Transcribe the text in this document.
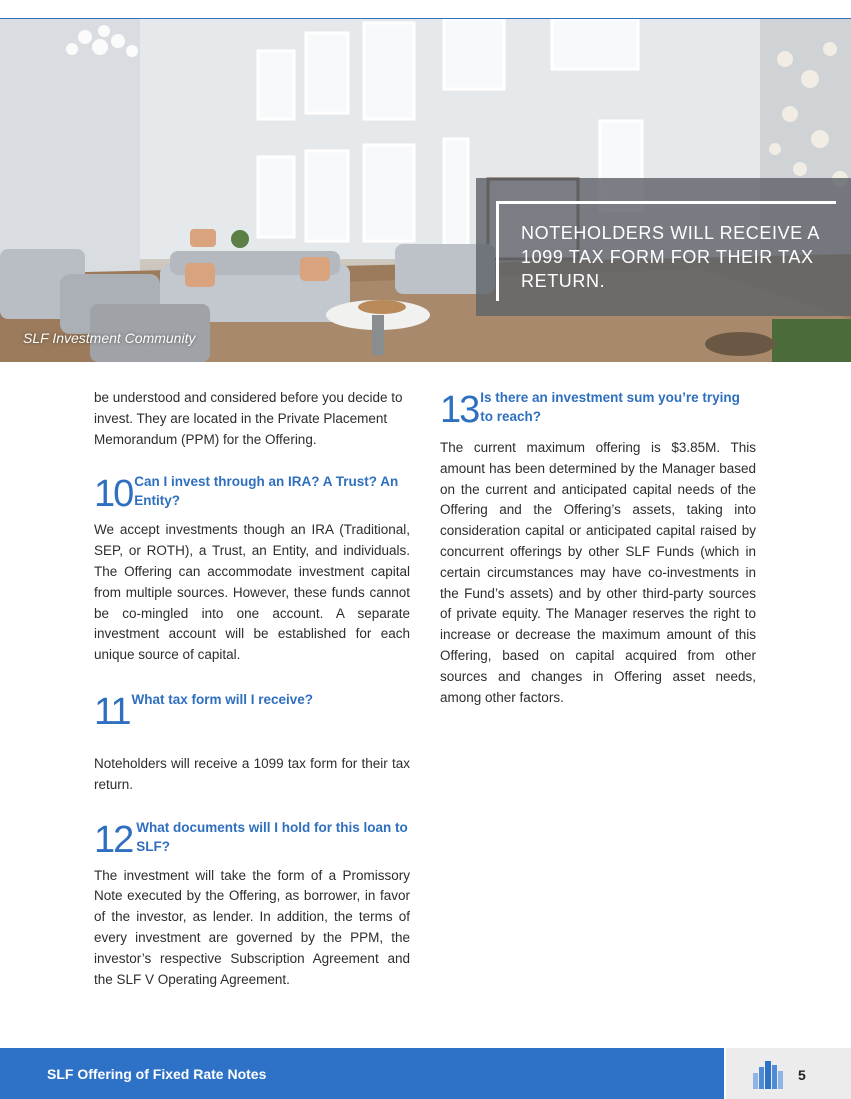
SLF Investment Community
NOTEHOLDERS WILL RECEIVE A 1099 TAX FORM FOR THEIR TAX RETURN.

be understood and considered before you decide to invest. They are located in the Private Placement Memorandum (PPM) for the Offering.

10 Can I invest through an IRA? A Trust? An Entity?

We accept investments though an IRA (Traditional, SEP, or ROTH), a Trust, an Entity, and individuals. The Offering can accommodate investment capital from multiple sources. However, these funds cannot be co-mingled into one account. A separate investment account will be established for each unique source of capital.

11 What tax form will I receive?

Noteholders will receive a 1099 tax form for their tax return.

12 What documents will I hold for this loan to SLF?

The investment will take the form of a Promissory Note executed by the Offering, as borrower, in favor of the investor, as lender. In addition, the terms of every investment are governed by the PPM, the investor’s respective Subscription Agreement and the SLF V Operating Agreement.

13 Is there an investment sum you’re trying to reach?

The current maximum offering is $3.85M. This amount has been determined by the Manager based on the current and anticipated capital needs of the Offering and the Offering’s assets, taking into consideration capital or anticipated capital raised by concurrent offerings by other SLF Funds (which in certain circumstances may have co-investments in the Fund’s assets) and by other third-party sources of private equity. The Manager reserves the right to increase or decrease the maximum amount of this Offering, based on capital acquired from other sources and changes in Offering asset needs, among other factors.

SLF Offering of Fixed Rate Notes	5
